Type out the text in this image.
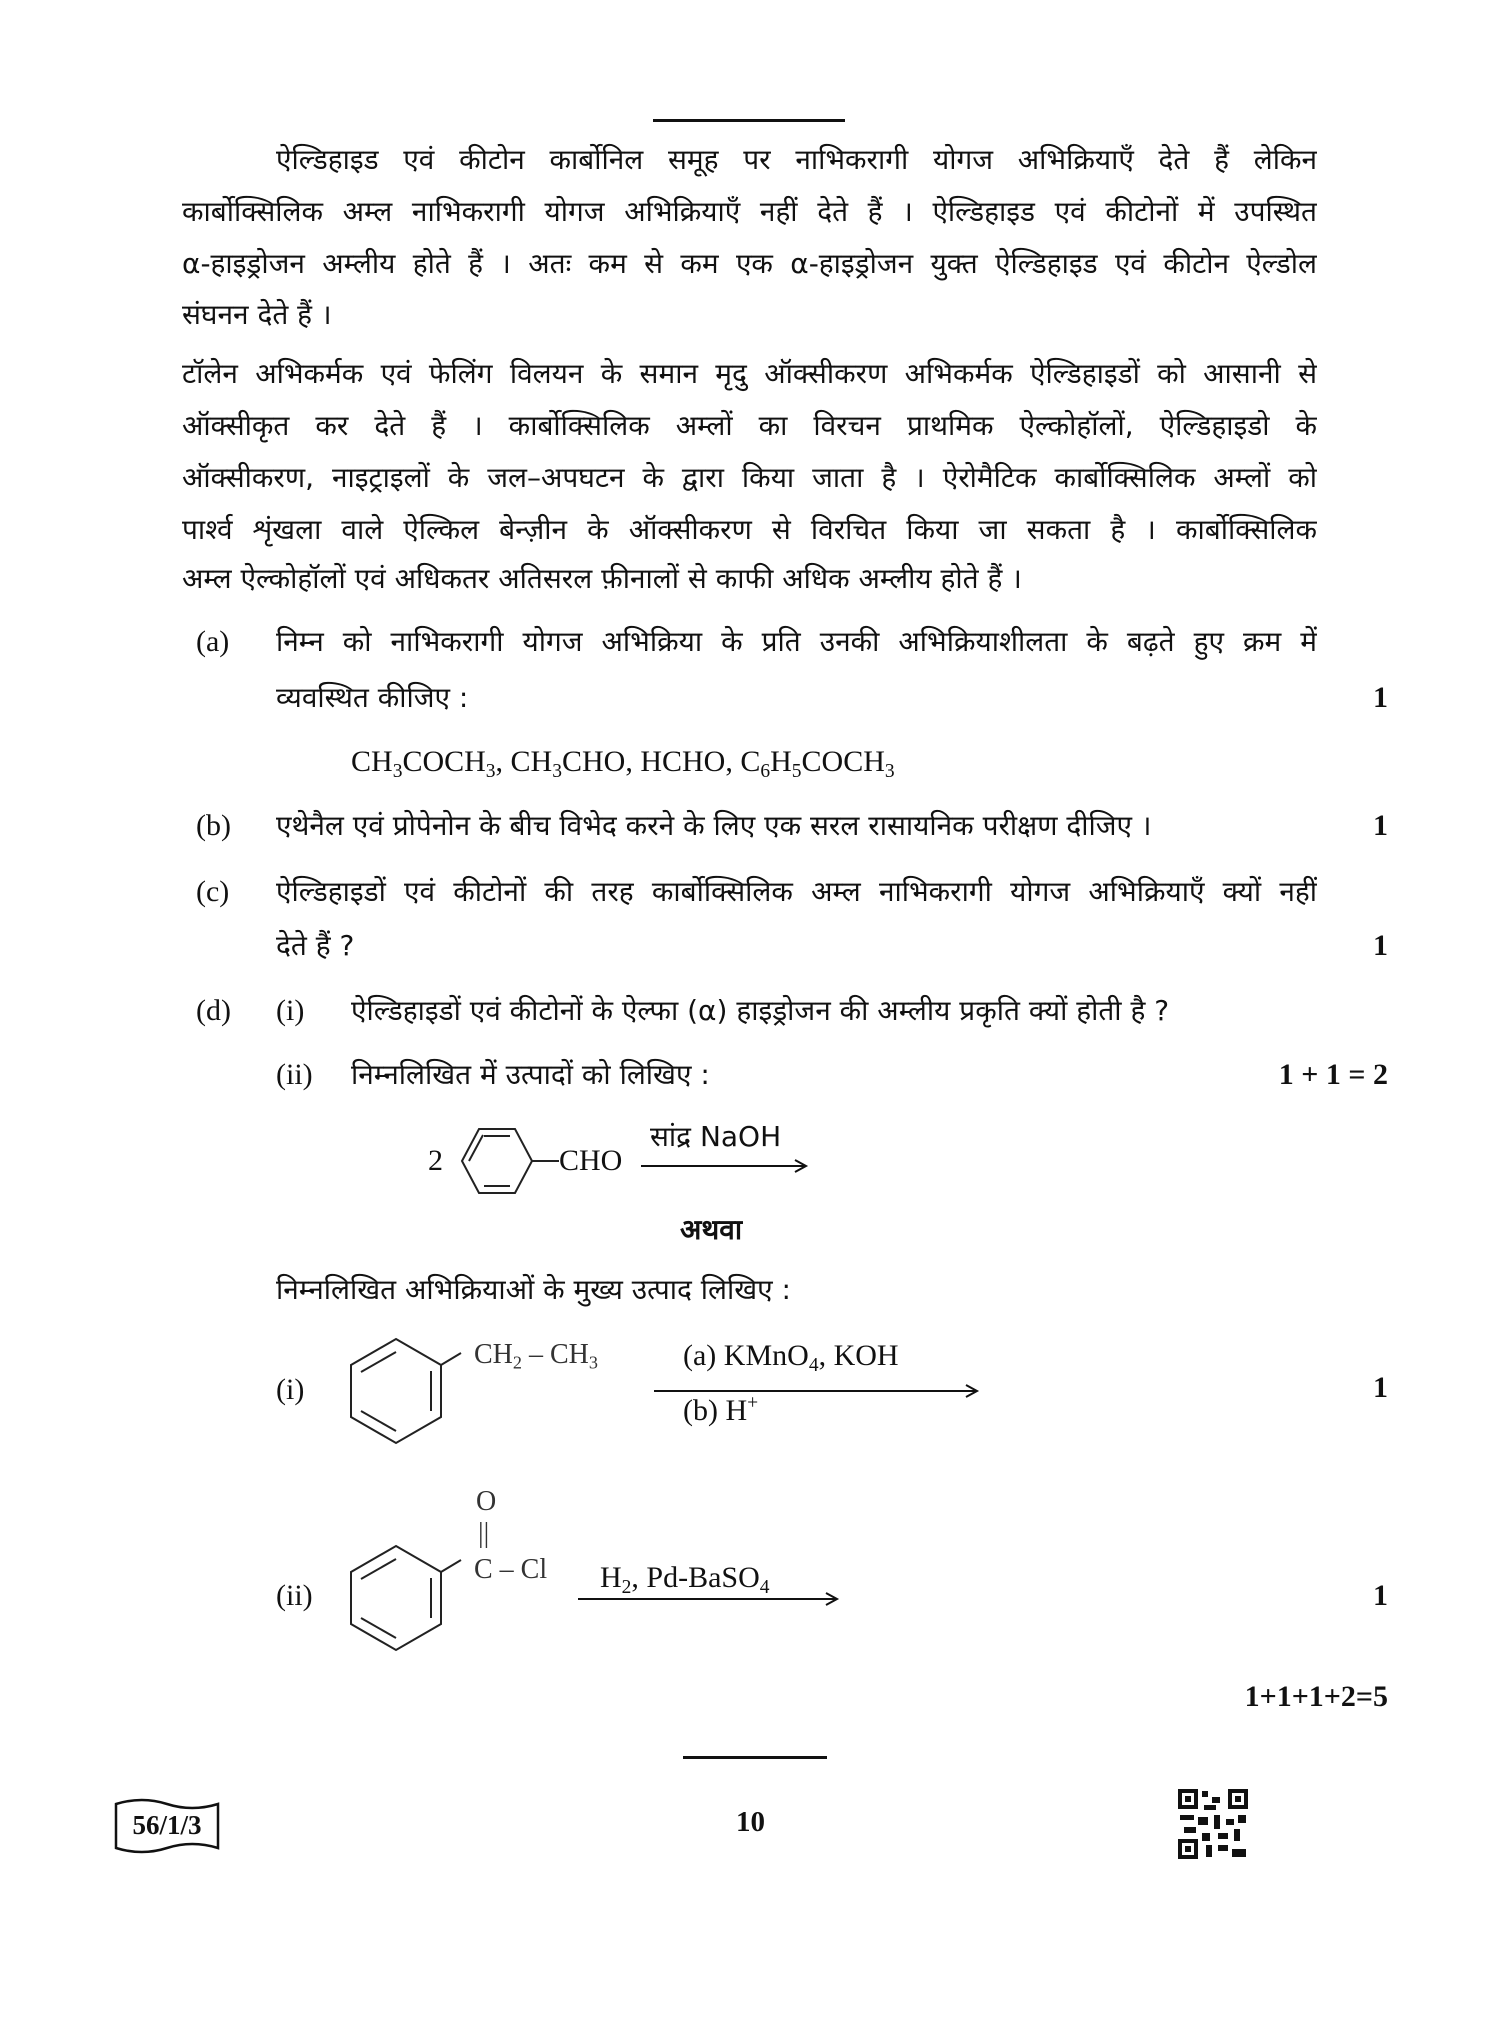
ऐल्डिहाइड एवं कीटोन कार्बोनिल समूह पर नाभिकरागी योगज अभिक्रियाएँ देते हैं लेकिन
कार्बोक्सिलिक अम्ल नाभिकरागी योगज अभिक्रियाएँ नहीं देते हैं । ऐल्डिहाइड एवं कीटोनों में उपस्थित
α-हाइड्रोजन अम्लीय होते हैं । अतः कम से कम एक α-हाइड्रोजन युक्त ऐल्डिहाइड एवं कीटोन ऐल्डोल
संघनन देते हैं ।
टॉलेन अभिकर्मक एवं फेलिंग विलयन के समान मृदु ऑक्सीकरण अभिकर्मक ऐल्डिहाइडों को आसानी से
ऑक्सीकृत कर देते हैं । कार्बोक्सिलिक अम्लों का विरचन प्राथमिक ऐल्कोहॉलों, ऐल्डिहाइडो के
ऑक्सीकरण, नाइट्राइलों के जल–अपघटन के द्वारा किया जाता है । ऐरोमैटिक कार्बोक्सिलिक अम्लों को
पार्श्व शृंखला वाले ऐल्किल बेन्ज़ीन के ऑक्सीकरण से विरचित किया जा सकता है । कार्बोक्सिलिक
अम्ल ऐल्कोहॉलों एवं अधिकतर अतिसरल फ़ीनालों से काफी अधिक अम्लीय होते हैं ।
(a) निम्न को नाभिकरागी योगज अभिक्रिया के प्रति उनकी अभिक्रियाशीलता के बढ़ते हुए क्रम में
व्यवस्थित कीजिए :	1
$CH_3COCH_3$, $CH_3CHO$, HCHO, $C_6H_5COCH_3$
(b) एथेनैल एवं प्रोपेनोन के बीच विभेद करने के लिए एक सरल रासायनिक परीक्षण दीजिए ।	1
(c) ऐल्डिहाइडों एवं कीटोनों की तरह कार्बोक्सिलिक अम्ल नाभिकरागी योगज अभिक्रियाएँ क्यों नहीं
देते हैं ?	1
(d) (i) ऐल्डिहाइडों एवं कीटोनों के ऐल्फा (α) हाइड्रोजन की अम्लीय प्रकृति क्यों होती है ?
(ii) निम्नलिखित में उत्पादों को लिखिए :	1 + 1 = 2
2	CHO
सांद्र NaOH
अथवा
निम्नलिखित अभिक्रियाओं के मुख्य उत्पाद लिखिए :
(i)
$CH_2 - CH_3$	(a) KMnO$_4$, KOH
(b) H+	1
(ii)
O
||
C – Cl $H_2$, Pd-BaSO$_4$	1
1+1+1+2=5
56/1/3	10
